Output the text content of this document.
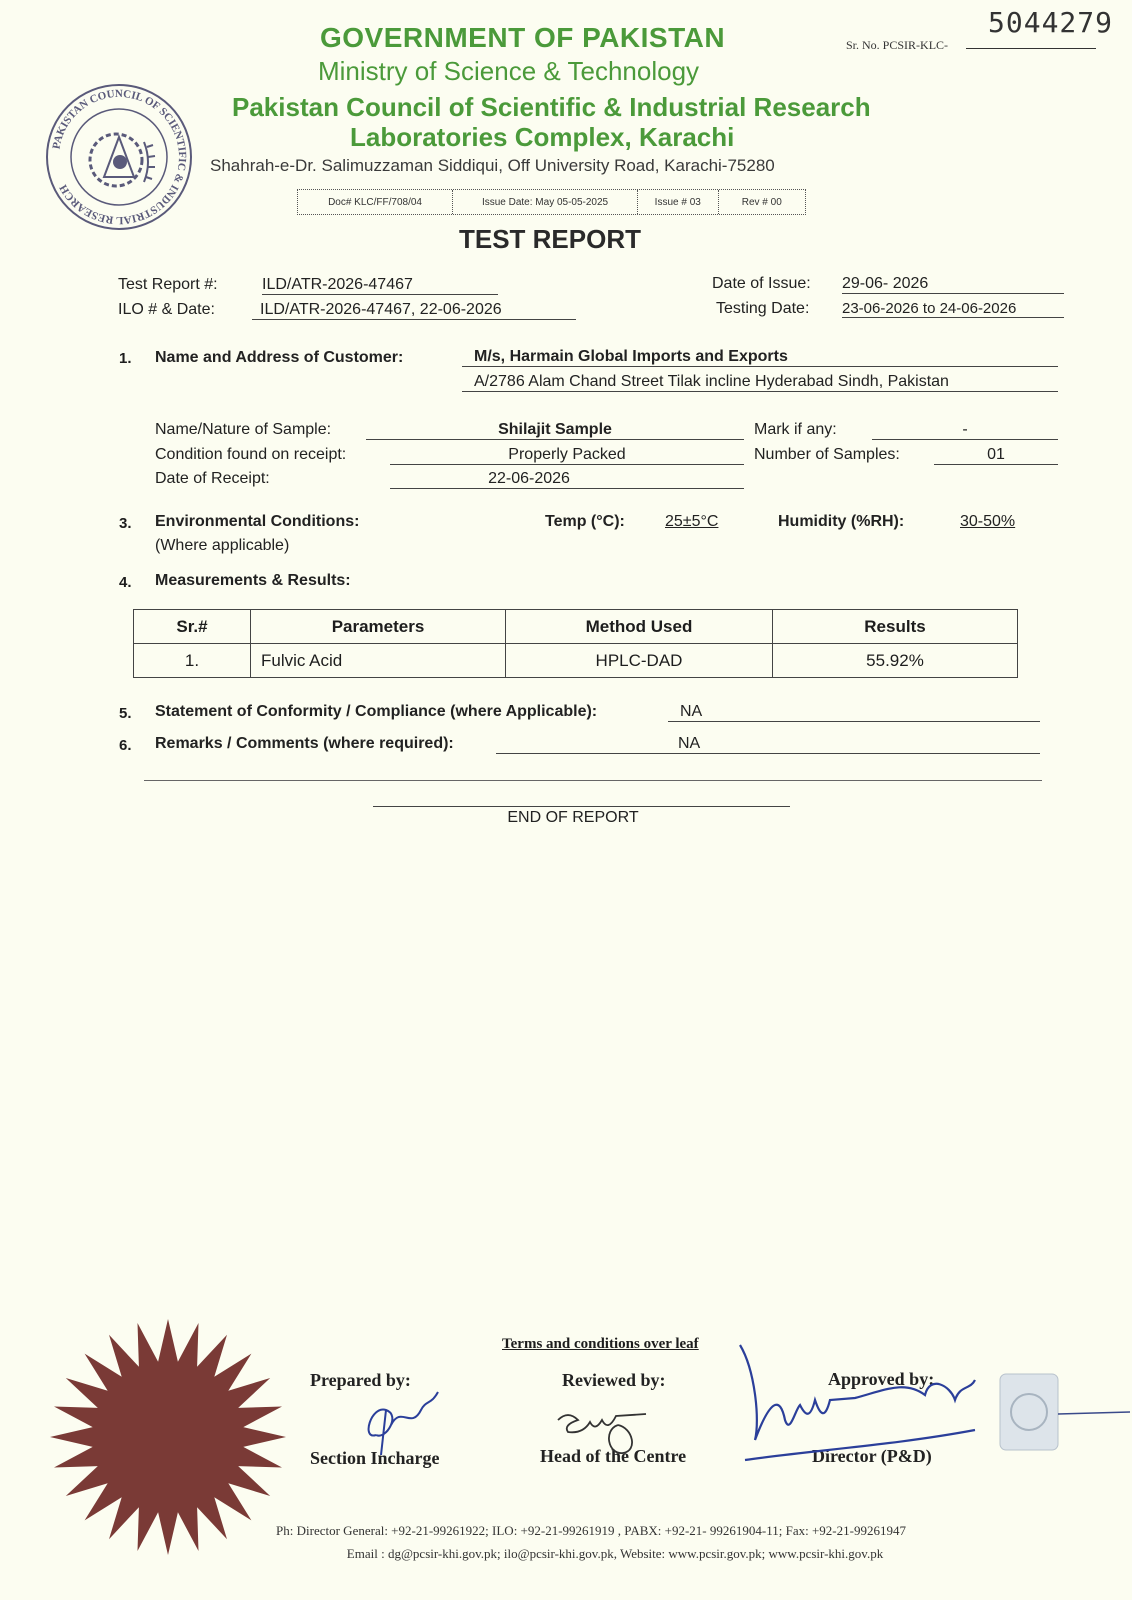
5044279
Sr. No. PCSIR-KLC-
PAKISTAN COUNCIL OF SCIENTIFIC & INDUSTRIAL RESEARCH
GOVERNMENT OF PAKISTAN
Ministry of Science & Technology
Pakistan Council of Scientific & Industrial Research
Laboratories Complex, Karachi
Shahrah-e-Dr. Salimuzzaman Siddiqui, Off University Road, Karachi-75280
Doc# KLC/FF/708/04	Issue Date: May 05-05-2025	Issue # 03	Rev # 00
TEST REPORT
Test Report #:	ILD/ATR-2026-47467
ILO # & Date:	ILD/ATR-2026-47467, 22-06-2026
Date of Issue: 29-06- 2026
Testing Date: 23-06-2026 to 24-06-2026
1. Name and Address of Customer:	M/s, Harmain Global Imports and Exports
A/2786 Alam Chand Street Tilak incline Hyderabad Sindh, Pakistan
Name/Nature of Sample:	Shilajit Sample
Condition found on receipt:	Properly Packed
Date of Receipt:	22-06-2026
Mark if any:	-
Number of Samples:	01
3. Environmental Conditions:
(Where applicable)
Temp (°C):	25±5°C	Humidity (%RH):	30-50%
4. Measurements & Results:
Sr.#	Parameters	Method Used	Results
1.	Fulvic Acid	HPLC-DAD	55.92%
5. Statement of Conformity / Compliance (where Applicable):	NA
6. Remarks / Comments (where required):	NA
END OF REPORT
Terms and conditions over leaf
Prepared by:
Section Incharge
Reviewed by:
Head of the Centre
Approved by:
Director (P&D)
Ph: Director General: +92-21-99261922; ILO: +92-21-99261919 , PABX: +92-21- 99261904-11; Fax: +92-21-99261947
Email : dg@pcsir-khi.gov.pk; ilo@pcsir-khi.gov.pk, Website: www.pcsir.gov.pk; www.pcsir-khi.gov.pk
